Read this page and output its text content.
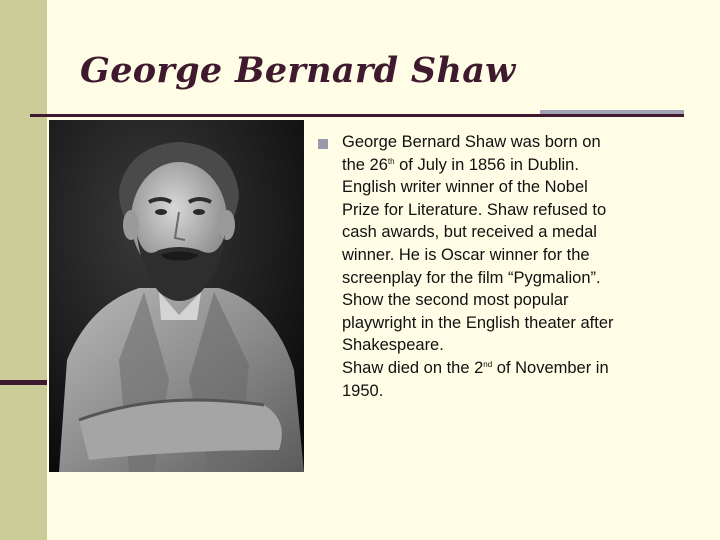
George Bernard Shaw

George Bernard Shaw was born on
the 26th of July in 1856 in Dublin.
English writer winner of the Nobel
Prize for Literature. Shaw refused to
cash awards, but received a medal
winner. He is Oscar winner for the
screenplay for the film “Pygmalion”.
Show the second most popular
playwright in the English theater after
Shakespeare.
Shaw died on the 2nd of November in
1950.
